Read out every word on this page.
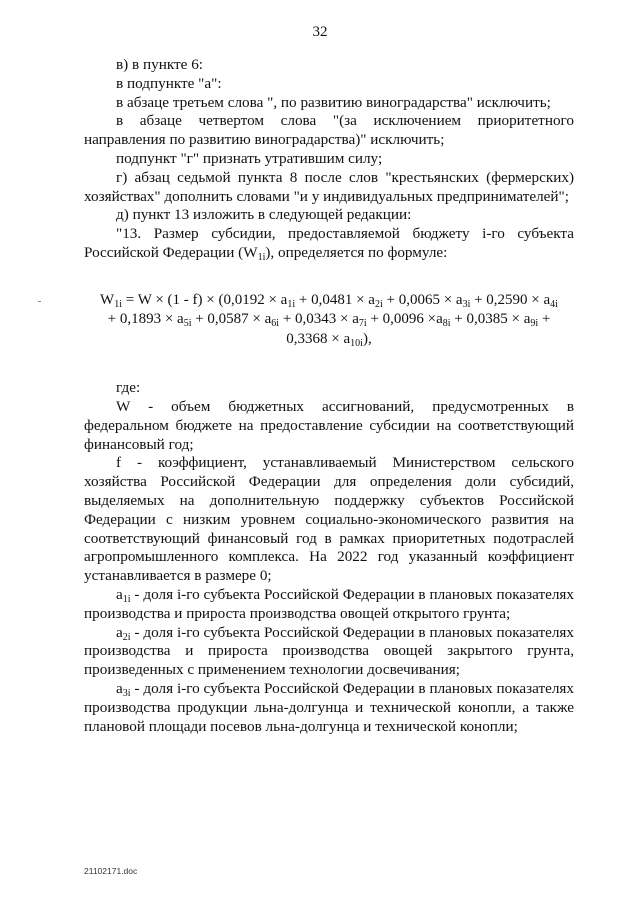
32

в) в пункте 6:

в подпункте "а":

в абзаце третьем слова ", по развитию виноградарства" исключить;

в абзаце четвертом слова "(за исключением приоритетного направления по развитию виноградарства)" исключить;

подпункт "г" признать утратившим силу;

г) абзац седьмой пункта 8 после слов "крестьянских (фермерских) хозяйствах" дополнить словами "и у индивидуальных предпринимателей";

д) пункт 13 изложить в следующей редакции:

"13. Размер субсидии, предоставляемой бюджету i-го субъекта Российской Федерации $(W_{1i})$, определяется по формуле:

$W_{1i} = W \times (1 - f) \times (0,0192 \times a_{1i} + 0,0481 \times a_{2i} + 0,0065 \times a_{3i} + 0,2590 \times a_{4i}$
+ $0,1893 \times a_{5i} + 0,0587 \times a_{6i} + 0,0343 \times a_{7i} + 0,0096 \times a_{8i} + 0,0385 \times a_{9i}$ +
$0,3368 \times a_{10i}$),

где:

W - объем бюджетных ассигнований, предусмотренных в федеральном бюджете на предоставление субсидии на соответствующий финансовый год;

f - коэффициент, устанавливаемый Министерством сельского хозяйства Российской Федерации для определения доли субсидий, выделяемых на дополнительную поддержку субъектов Российской Федерации с низким уровнем социально-экономического развития на соответствующий финансовый год в рамках приоритетных подотраслей агропромышленного комплекса. На 2022 год указанный коэффициент устанавливается в размере 0;

$a_{1i}$ - доля i-го субъекта Российской Федерации в плановых показателях производства и прироста производства овощей открытого грунта;

$a_{2i}$ - доля i-го субъекта Российской Федерации в плановых показателях производства и прироста производства овощей закрытого грунта, произведенных с применением технологии досвечивания;

$a_{3i}$ - доля i-го субъекта Российской Федерации в плановых показателях производства продукции льна-долгунца и технической конопли, а также плановой площади посевов льна-долгунца и технической конопли;

21102171.doc
